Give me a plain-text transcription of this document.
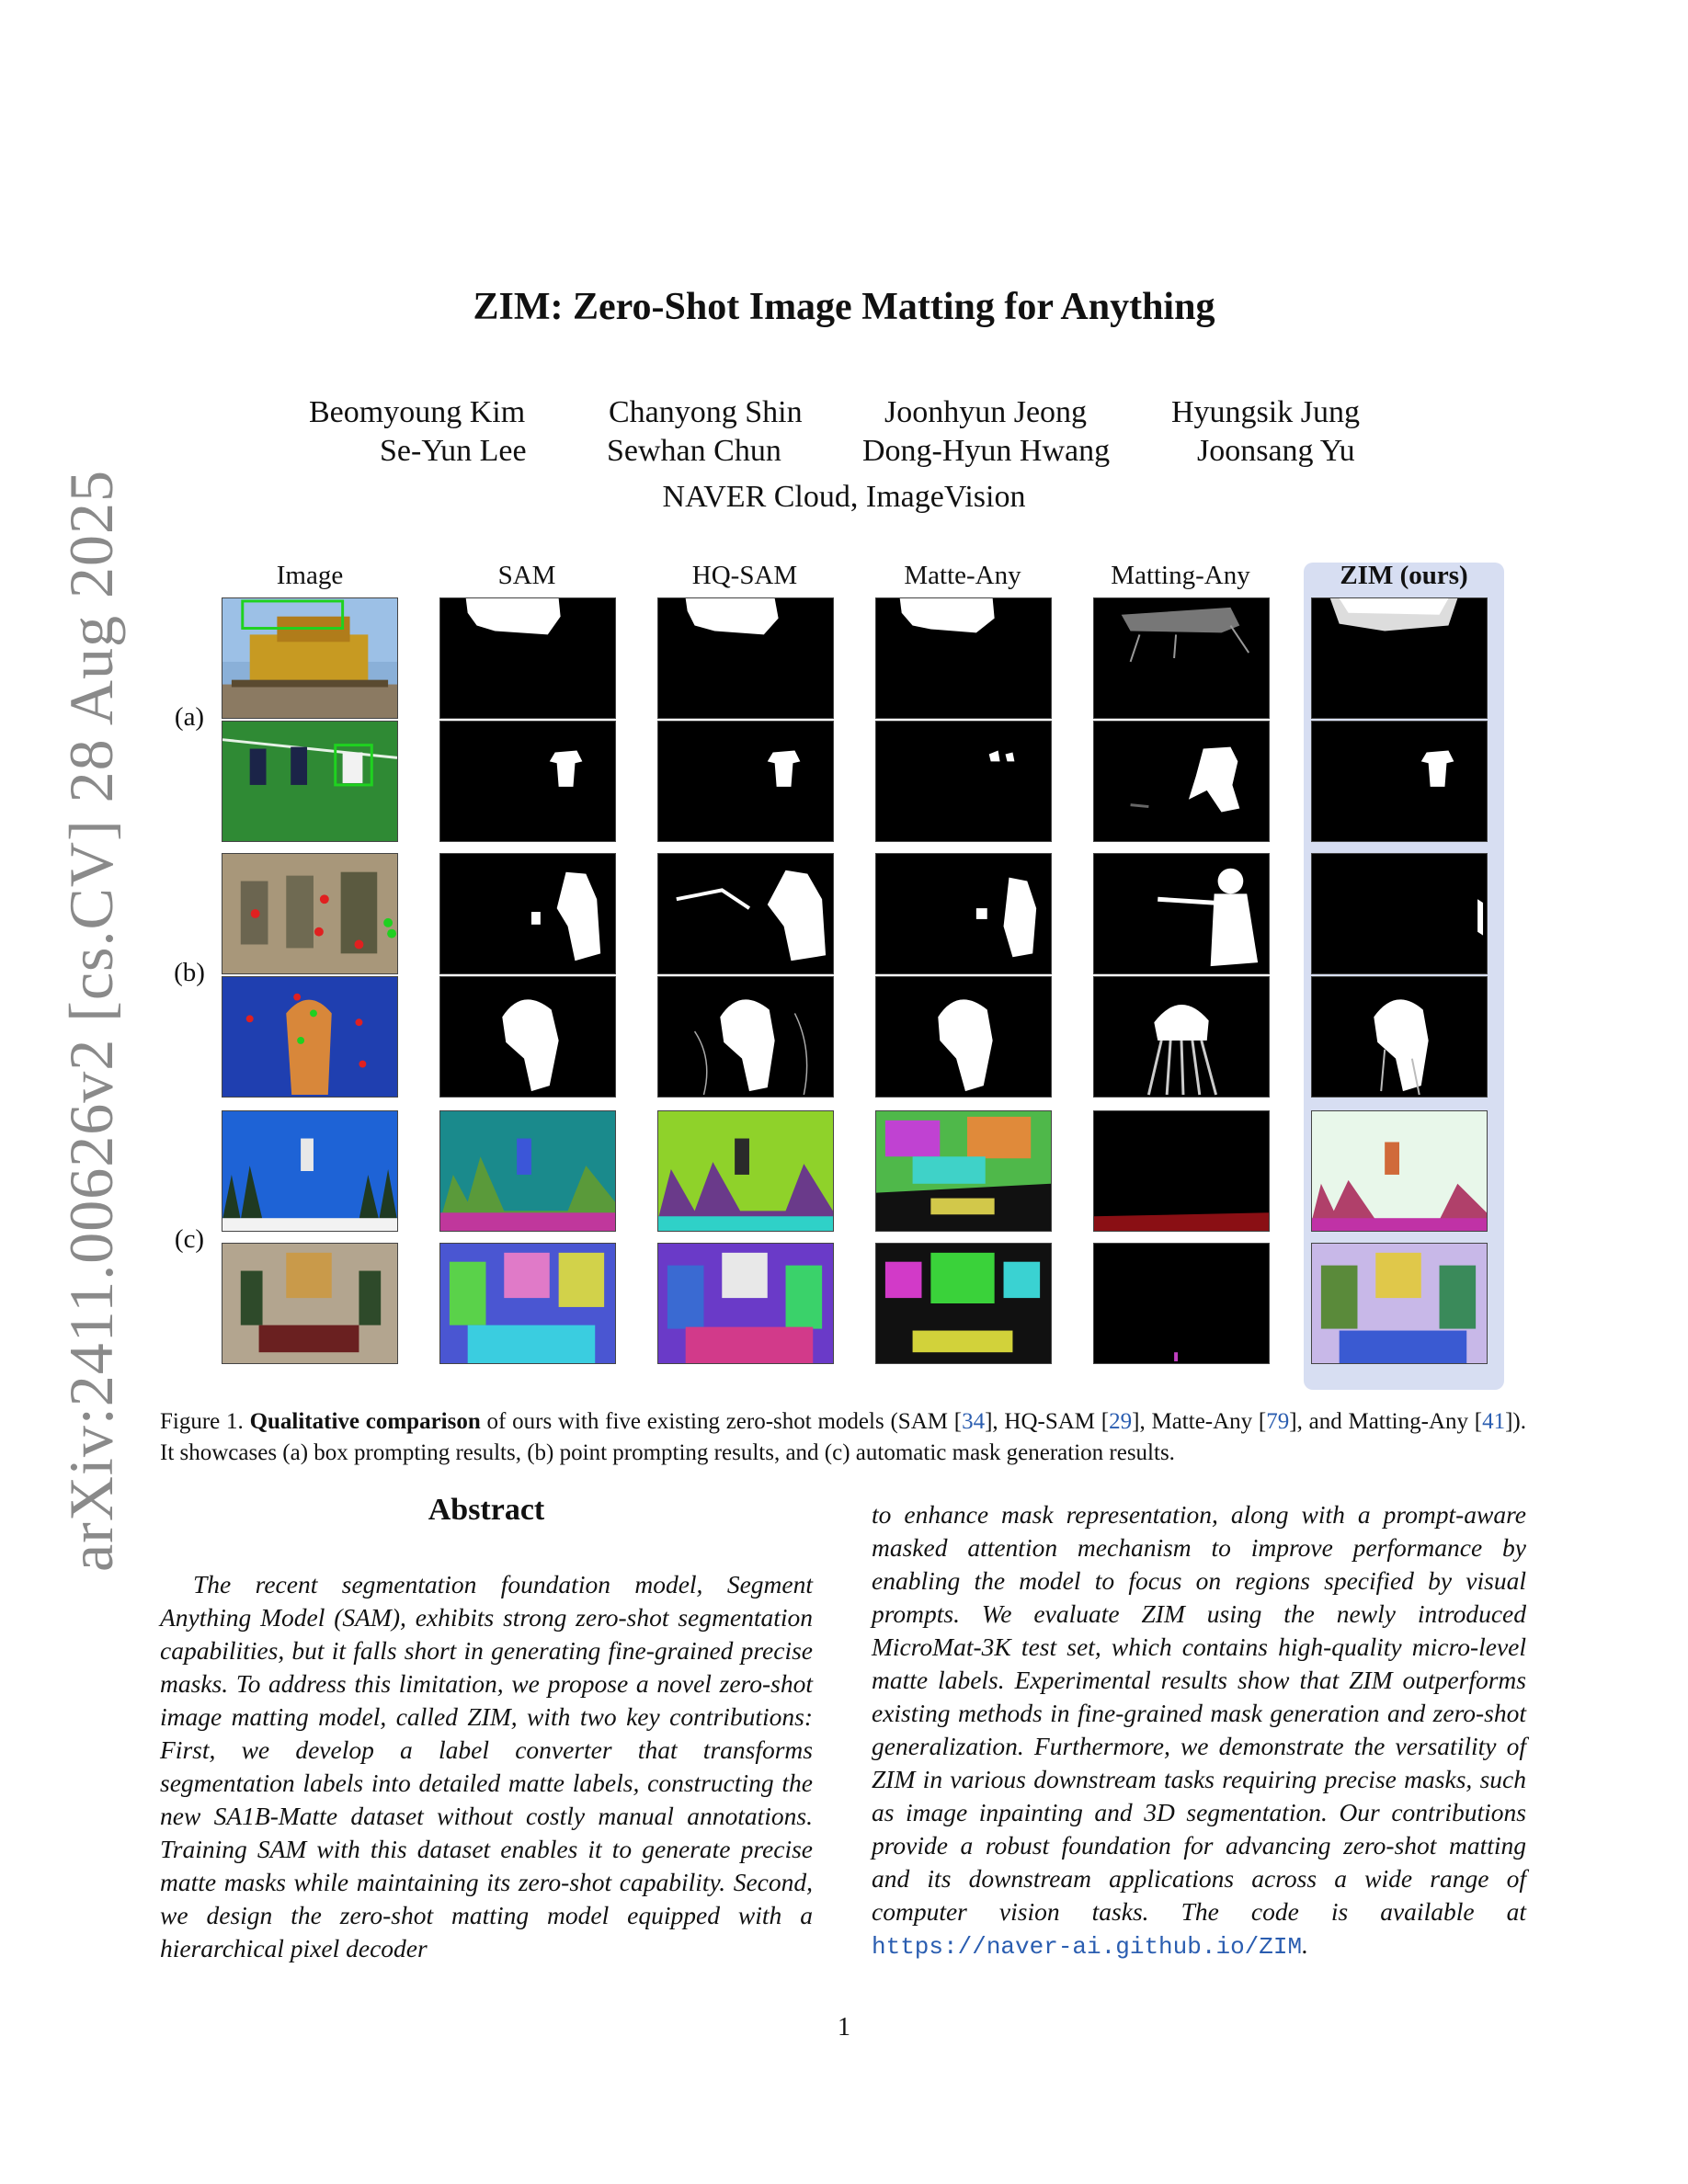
arXiv:2411.00626v2 [cs.CV] 28 Aug 2025
ZIM: Zero-Shot Image Matting for Anything
Beomyoung Kim	Chanyong Shin	Joonhyun Jeong	Hyungsik Jung
Se-Yun Lee	Sewhan Chun	Dong-Hyun Hwang	Joonsang Yu
NAVER Cloud, ImageVision
Image	SAM	HQ-SAM	Matte-Any	Matting-Any	ZIM (ours)
(a)
(b)
(c)
Figure 1. Qualitative comparison of ours with five existing zero-shot models (SAM [34], HQ-SAM [29], Matte-Any [79], and Matting-Any [41]). It showcases (a) box prompting results, (b) point prompting results, and (c) automatic mask generation results.
Abstract
The recent segmentation foundation model, Segment Anything Model (SAM), exhibits strong zero-shot segmentation capabilities, but it falls short in generating fine-grained precise masks. To address this limitation, we propose a novel zero-shot image matting model, called ZIM, with two key contributions: First, we develop a label converter that transforms segmentation labels into detailed matte labels, constructing the new SA1B-Matte dataset without costly manual annotations. Training SAM with this dataset enables it to generate precise matte masks while maintaining its zero-shot capability. Second, we design the zero-shot matting model equipped with a hierarchical pixel decoder
to enhance mask representation, along with a prompt-aware masked attention mechanism to improve performance by enabling the model to focus on regions specified by visual prompts. We evaluate ZIM using the newly introduced MicroMat-3K test set, which contains high-quality micro-level matte labels. Experimental results show that ZIM outperforms existing methods in fine-grained mask generation and zero-shot generalization. Furthermore, we demonstrate the versatility of ZIM in various downstream tasks requiring precise masks, such as image inpainting and 3D segmentation. Our contributions provide a robust foundation for advancing zero-shot matting and its downstream applications across a wide range of computer vision tasks. The code is available at https://naver-ai.github.io/ZIM.
1
